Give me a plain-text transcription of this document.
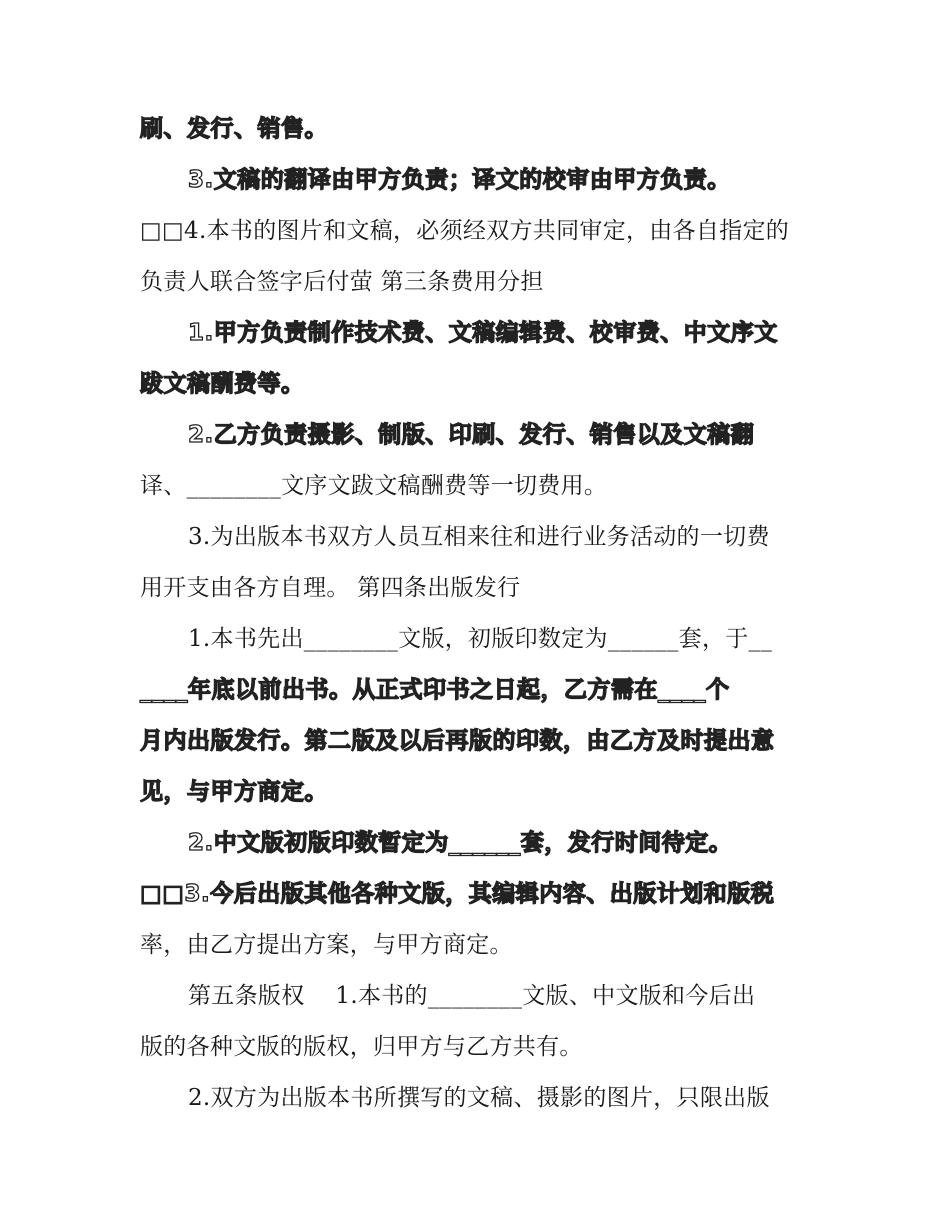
刷、发行、销售。
3.文稿的翻译由甲方负责；译文的校审由甲方负责。
□□4.本书的图片和文稿，必须经双方共同审定，由各自指定的
负责人联合签字后付萤 第三条费用分担
1.甲方负责制作技术费、文稿编辑费、校审费、中文序文
跋文稿酬费等。
2.乙方负责摄影、制版、印刷、发行、销售以及文稿翻
译、________文序文跋文稿酬费等一切费用。
3.为出版本书双方人员互相来往和进行业务活动的一切费
用开支由各方自理。 第四条出版发行
1.本书先出________文版，初版印数定为______套，于__
____年底以前出书。从正式印书之日起，乙方需在____个
月内出版发行。第二版及以后再版的印数，由乙方及时提出意
见，与甲方商定。
2.中文版初版印数暂定为______套，发行时间待定。
□□3.今后出版其他各种文版，其编辑内容、出版计划和版税
率，由乙方提出方案，与甲方商定。
第五条版权　 1.本书的________文版、中文版和今后出
版的各种文版的版权，归甲方与乙方共有。
2.双方为出版本书所撰写的文稿、摄影的图片，只限出版
